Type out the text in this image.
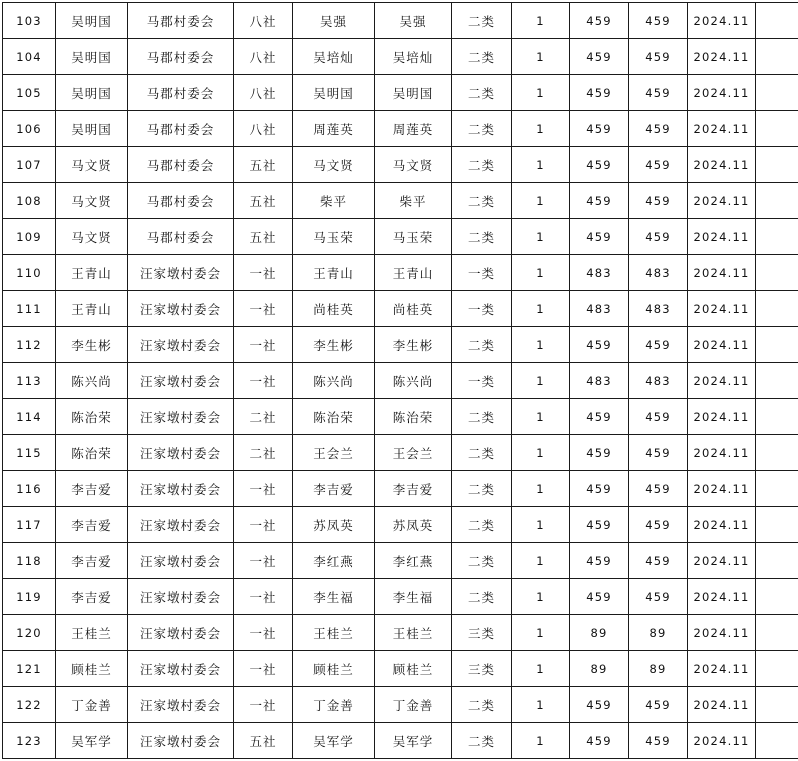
103	吴明国	马郡村委会	八社	吴强	吴强	二类	1	459	459	2024.11	
104	吴明国	马郡村委会	八社	吴培灿	吴培灿	二类	1	459	459	2024.11	
105	吴明国	马郡村委会	八社	吴明国	吴明国	二类	1	459	459	2024.11	
106	吴明国	马郡村委会	八社	周莲英	周莲英	二类	1	459	459	2024.11	
107	马文贤	马郡村委会	五社	马文贤	马文贤	二类	1	459	459	2024.11	
108	马文贤	马郡村委会	五社	柴平	柴平	二类	1	459	459	2024.11	
109	马文贤	马郡村委会	五社	马玉荣	马玉荣	二类	1	459	459	2024.11	
110	王青山	汪家墩村委会	一社	王青山	王青山	一类	1	483	483	2024.11	
111	王青山	汪家墩村委会	一社	尚桂英	尚桂英	一类	1	483	483	2024.11	
112	李生彬	汪家墩村委会	一社	李生彬	李生彬	二类	1	459	459	2024.11	
113	陈兴尚	汪家墩村委会	一社	陈兴尚	陈兴尚	一类	1	483	483	2024.11	
114	陈治荣	汪家墩村委会	二社	陈治荣	陈治荣	二类	1	459	459	2024.11	
115	陈治荣	汪家墩村委会	二社	王会兰	王会兰	二类	1	459	459	2024.11	
116	李吉爱	汪家墩村委会	一社	李吉爱	李吉爱	二类	1	459	459	2024.11	
117	李吉爱	汪家墩村委会	一社	苏凤英	苏凤英	二类	1	459	459	2024.11	
118	李吉爱	汪家墩村委会	一社	李红燕	李红燕	二类	1	459	459	2024.11	
119	李吉爱	汪家墩村委会	一社	李生福	李生福	二类	1	459	459	2024.11	
120	王桂兰	汪家墩村委会	一社	王桂兰	王桂兰	三类	1	89	89	2024.11	
121	顾桂兰	汪家墩村委会	一社	顾桂兰	顾桂兰	三类	1	89	89	2024.11	
122	丁金善	汪家墩村委会	一社	丁金善	丁金善	二类	1	459	459	2024.11	
123	吴军学	汪家墩村委会	五社	吴军学	吴军学	二类	1	459	459	2024.11	
